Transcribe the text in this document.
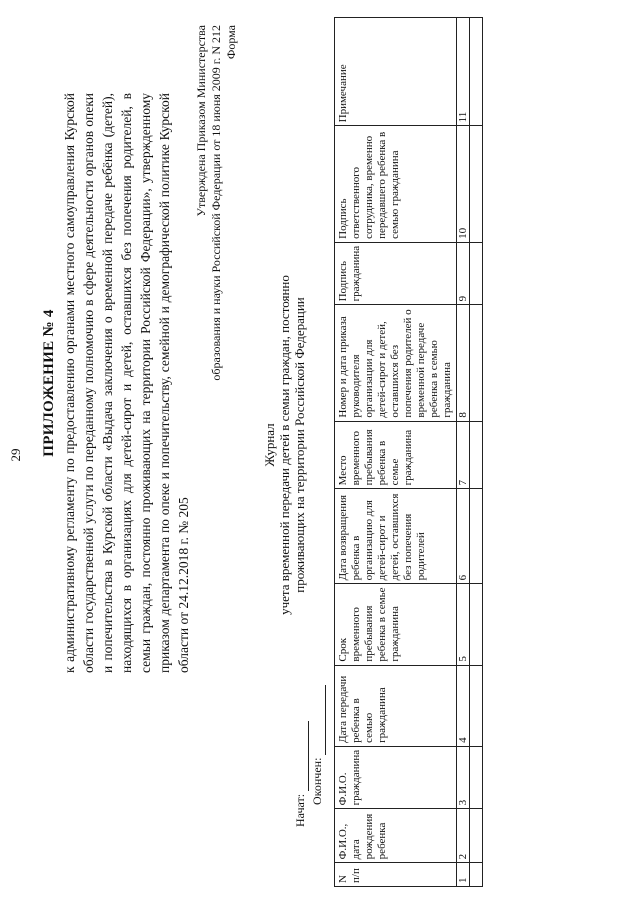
29 ПРИЛОЖЕНИЕ № 4 к административному регламенту по предоставлению органами местного самоуправления Курской области государственной услуги по переданному полномочию в сфере деятельности органов опеки и попечительства в Курской области «Выдача заключения о временной передаче ребёнка (детей), находящихся в организациях для детей-сирот и детей, оставшихся без попечения родителей, в семьи граждан, постоянно проживающих на территории Российской Федерации», утвержденному приказом департамента по опеке и попечительству, семейной и демографической политике Курской области от 24.12.2018 г. № 205
Утверждена Приказом Министерства образования и науки Российской Федерации от 18 июня 2009 г. N 212 Форма
Журнал учета временной передачи детей в семьи граждан, постоянно проживающих на территории Российской Федерации
Начат:
Окончен:
N п/п	Ф.И.О., дата рождения ребенка	Ф.И.О. гражданина	Дата передачи ребенка в семью гражданина	Срок временного пребывания ребенка в семье гражданина	Дата возвращения ребенка в организацию для детей-сирот и детей, оставшихся без попечения родителей	Место временного пребывания ребенка в семье гражданина	Номер и дата приказа руководителя организации для детей-сирот и детей, оставшихся без попечения родителей о временной передаче ребенка в семью гражданина	Подпись гражданина	Подпись ответственного сотрудника, временно передавшего ребенка в семью гражданина	Примечание
1	2	3	4	5	6	7	8	9	10	11
